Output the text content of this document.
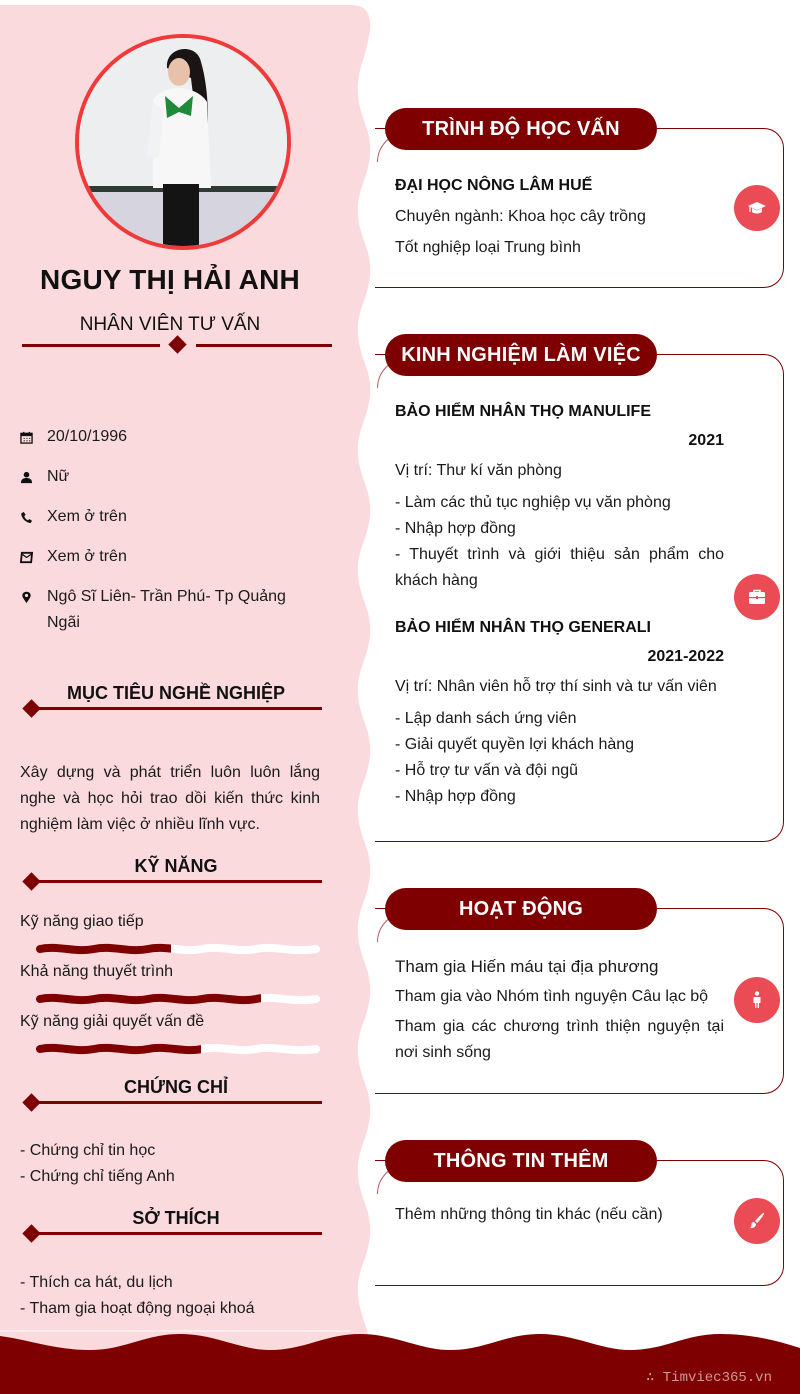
NGUY THỊ HẢI ANH
NHÂN VIÊN TƯ VẤN
20/10/1996
Nữ
Xem ở trên
Xem ở trên
Ngô Sĩ Liên- Trần Phú- Tp Quảng Ngãi
MỤC TIÊU NGHỀ NGHIỆP
Xây dựng và phát triển luôn luôn lắng nghe và học hỏi trao dồi kiến thức kinh nghiệm làm việc ở nhiều lĩnh vực.
KỸ NĂNG
Kỹ năng giao tiếp
Khả năng thuyết trình
Kỹ năng giải quyết vấn đề
CHỨNG CHỈ
- Chứng chỉ tin học
- Chứng chỉ tiếng Anh
SỞ THÍCH
- Thích ca hát, du lịch
- Tham gia hoạt động ngoại khoá
TRÌNH ĐỘ HỌC VẤN
ĐẠI HỌC NÔNG LÂM HUẾ
Chuyên ngành: Khoa học cây trồng
Tốt nghiệp loại Trung bình
KINH NGHIỆM LÀM VIỆC
BẢO HIỂM NHÂN THỌ MANULIFE
2021
Vị trí: Thư kí văn phòng
- Làm các thủ tục nghiệp vụ văn phòng
- Nhập hợp đồng
- Thuyết trình và giới thiệu sản phẩm cho khách hàng
BẢO HIỂM NHÂN THỌ GENERALI
2021-2022
Vị trí: Nhân viên hỗ trợ thí sinh và tư vấn viên
- Lập danh sách ứng viên
- Giải quyết quyền lợi khách hàng
- Hỗ trợ tư vấn và đội ngũ
- Nhập hợp đồng
HOẠT ĐỘNG
Tham gia Hiến máu tại địa phương
Tham gia vào Nhóm tình nguyện Câu lạc bộ
Tham gia các chương trình thiện nguyện tại nơi sinh sống
THÔNG TIN THÊM
Thêm những thông tin khác (nếu cần)
∴ Timviec365.vn
